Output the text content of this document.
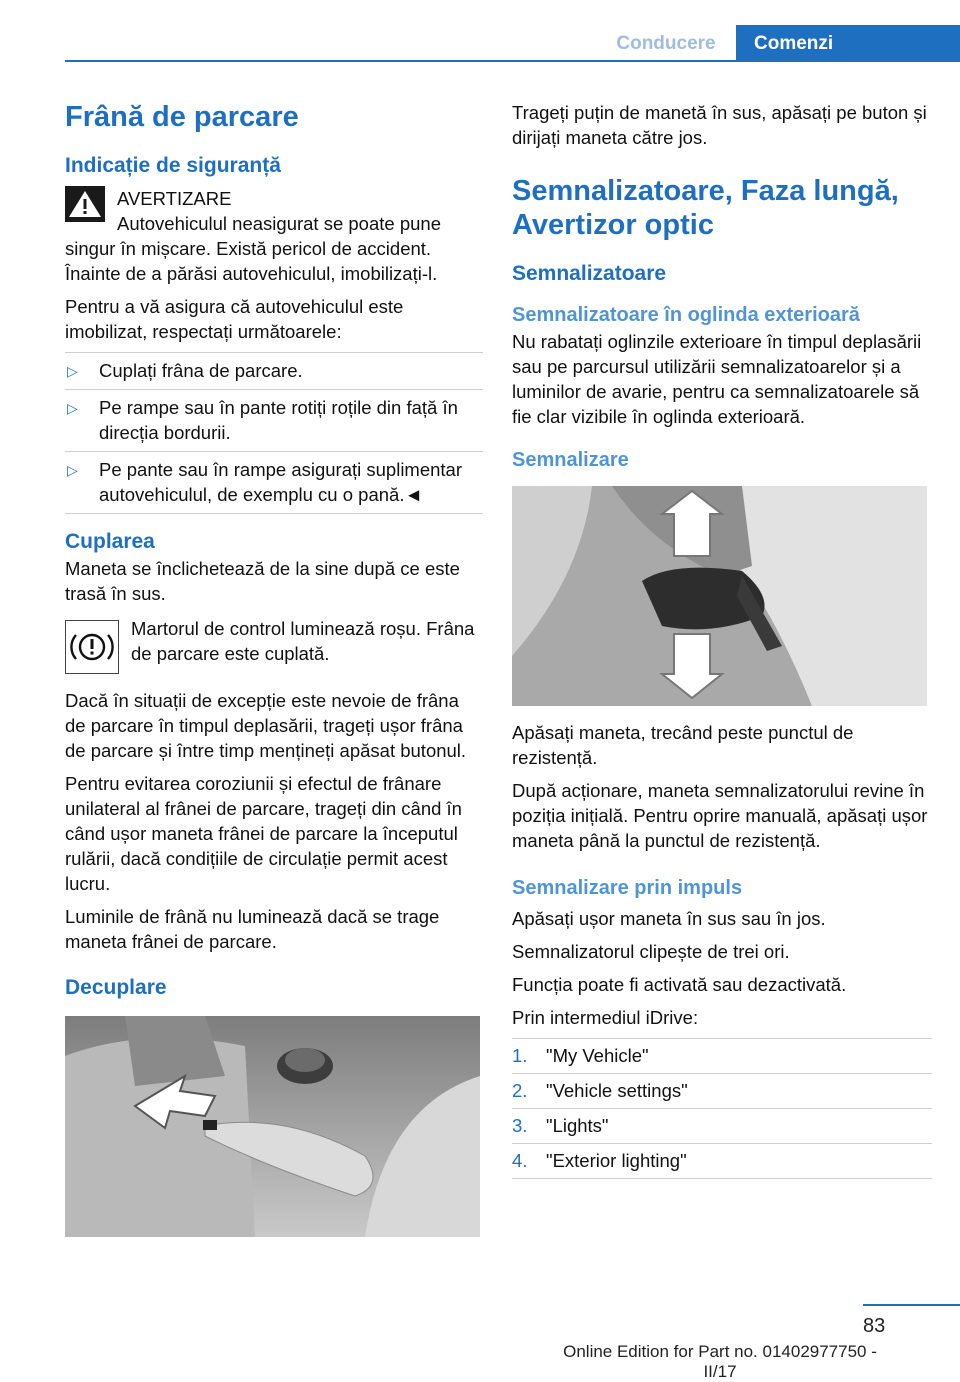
Conducere	Comenzi
Frână de parcare
Indicație de siguranță
AVERTIZARE
Autovehiculul neasigurat se poate pune singur în mișcare. Există pericol de accident. Înainte de a părăsi autovehiculul, imobilizați-l.
Pentru a vă asigura că autovehiculul este imobilizat, respectați următoarele:
▷ Cuplați frâna de parcare.
▷ Pe rampe sau în pante rotiți roțile din față în direcția bordurii.
▷ Pe pante sau în rampe asigurați suplimentar autovehiculul, de exemplu cu o pană.◄
Cuplarea
Maneta se înclichetează de la sine după ce este trasă în sus.
Martorul de control luminează roșu. Frâna de parcare este cuplată.
Dacă în situații de excepție este nevoie de frâna de parcare în timpul deplasării, trageți ușor frâna de parcare și între timp mențineți apăsat butonul.
Pentru evitarea coroziunii și efectul de frânare unilateral al frânei de parcare, trageți din când în când ușor maneta frânei de parcare la începutul rulării, dacă condițiile de circulație permit acest lucru.
Luminile de frână nu luminează dacă se trage maneta frânei de parcare.
Decuplare
Trageți puțin de manetă în sus, apăsați pe buton și dirijați maneta către jos.
Semnalizatoare, Faza lungă, Avertizor optic
Semnalizatoare
Semnalizatoare în oglinda exterioară
Nu rabatați oglinzile exterioare în timpul deplasării sau pe parcursul utilizării semnalizatoarelor și a luminilor de avarie, pentru ca semnalizatoarele să fie clar vizibile în oglinda exterioară.
Semnalizare
Apăsați maneta, trecând peste punctul de rezistență.
După acționare, maneta semnalizatorului revine în poziția inițială. Pentru oprire manuală, apăsați ușor maneta până la punctul de rezistență.
Semnalizare prin impuls
Apăsați ușor maneta în sus sau în jos.
Semnalizatorul clipește de trei ori.
Funcția poate fi activată sau dezactivată.
Prin intermediul iDrive:
1. "My Vehicle"
2. "Vehicle settings"
3. "Lights"
4. "Exterior lighting"
83
Online Edition for Part no. 01402977750 - II/17
